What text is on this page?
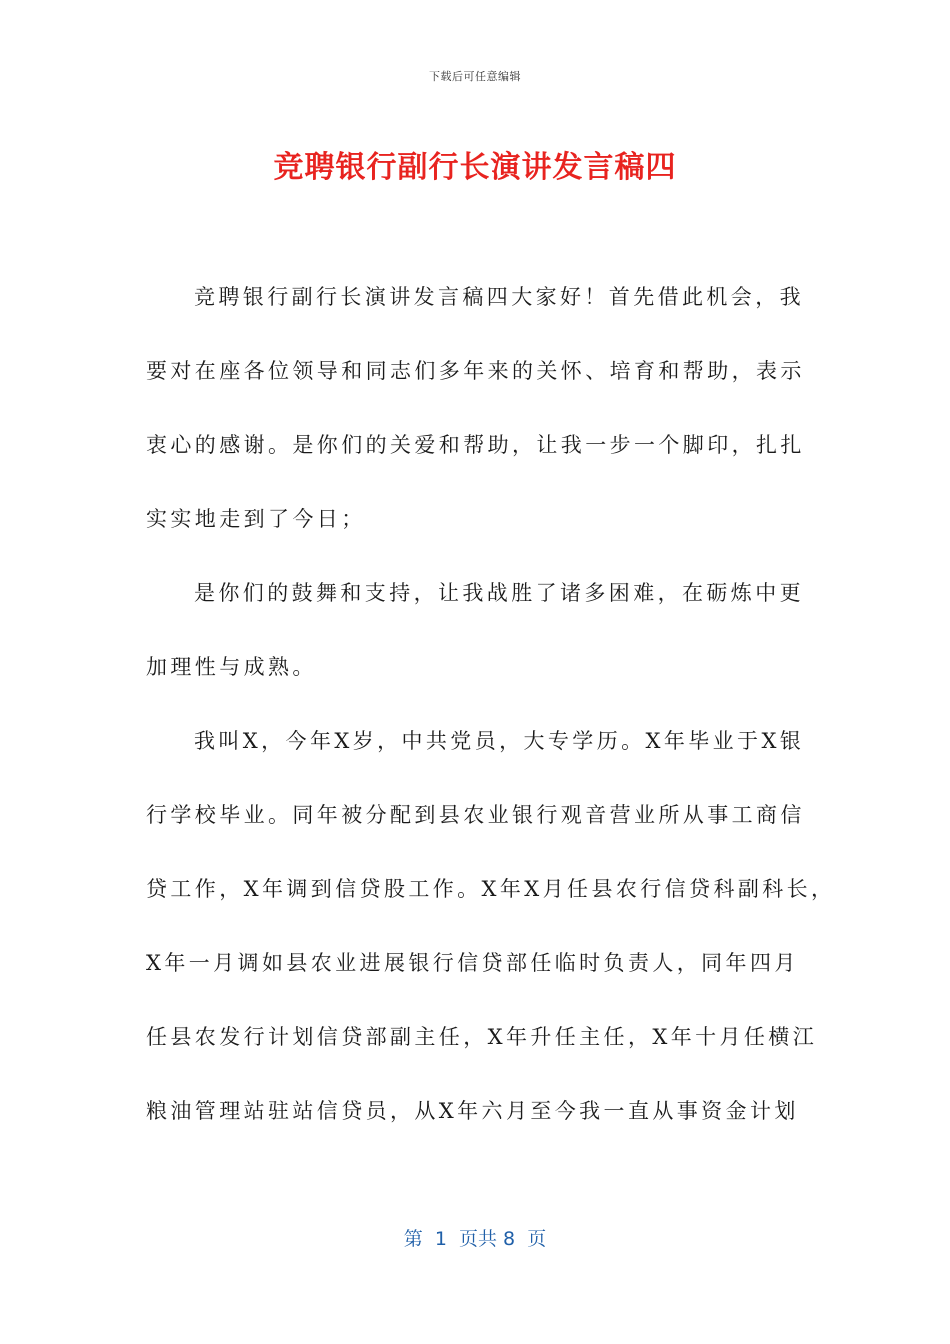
下载后可任意编辑
竞聘银行副行长演讲发言稿四
竞聘银行副行长演讲发言稿四大家好！首先借此机会，我
要对在座各位领导和同志们多年来的关怀、培育和帮助，表示
衷心的感谢。是你们的关爱和帮助，让我一步一个脚印，扎扎
实实地走到了今日；
是你们的鼓舞和支持，让我战胜了诸多困难，在砺炼中更
加理性与成熟。
我叫X，今年X岁，中共党员，大专学历。X年毕业于X银
行学校毕业。同年被分配到县农业银行观音营业所从事工商信
贷工作，X年调到信贷股工作。X年X月任县农行信贷科副科长，
X年一月调如县农业进展银行信贷部任临时负责人，同年四月
任县农发行计划信贷部副主任，X年升任主任，X年十月任横江
粮油管理站驻站信贷员，从X年六月至今我一直从事资金计划
第  1  页共 8  页
